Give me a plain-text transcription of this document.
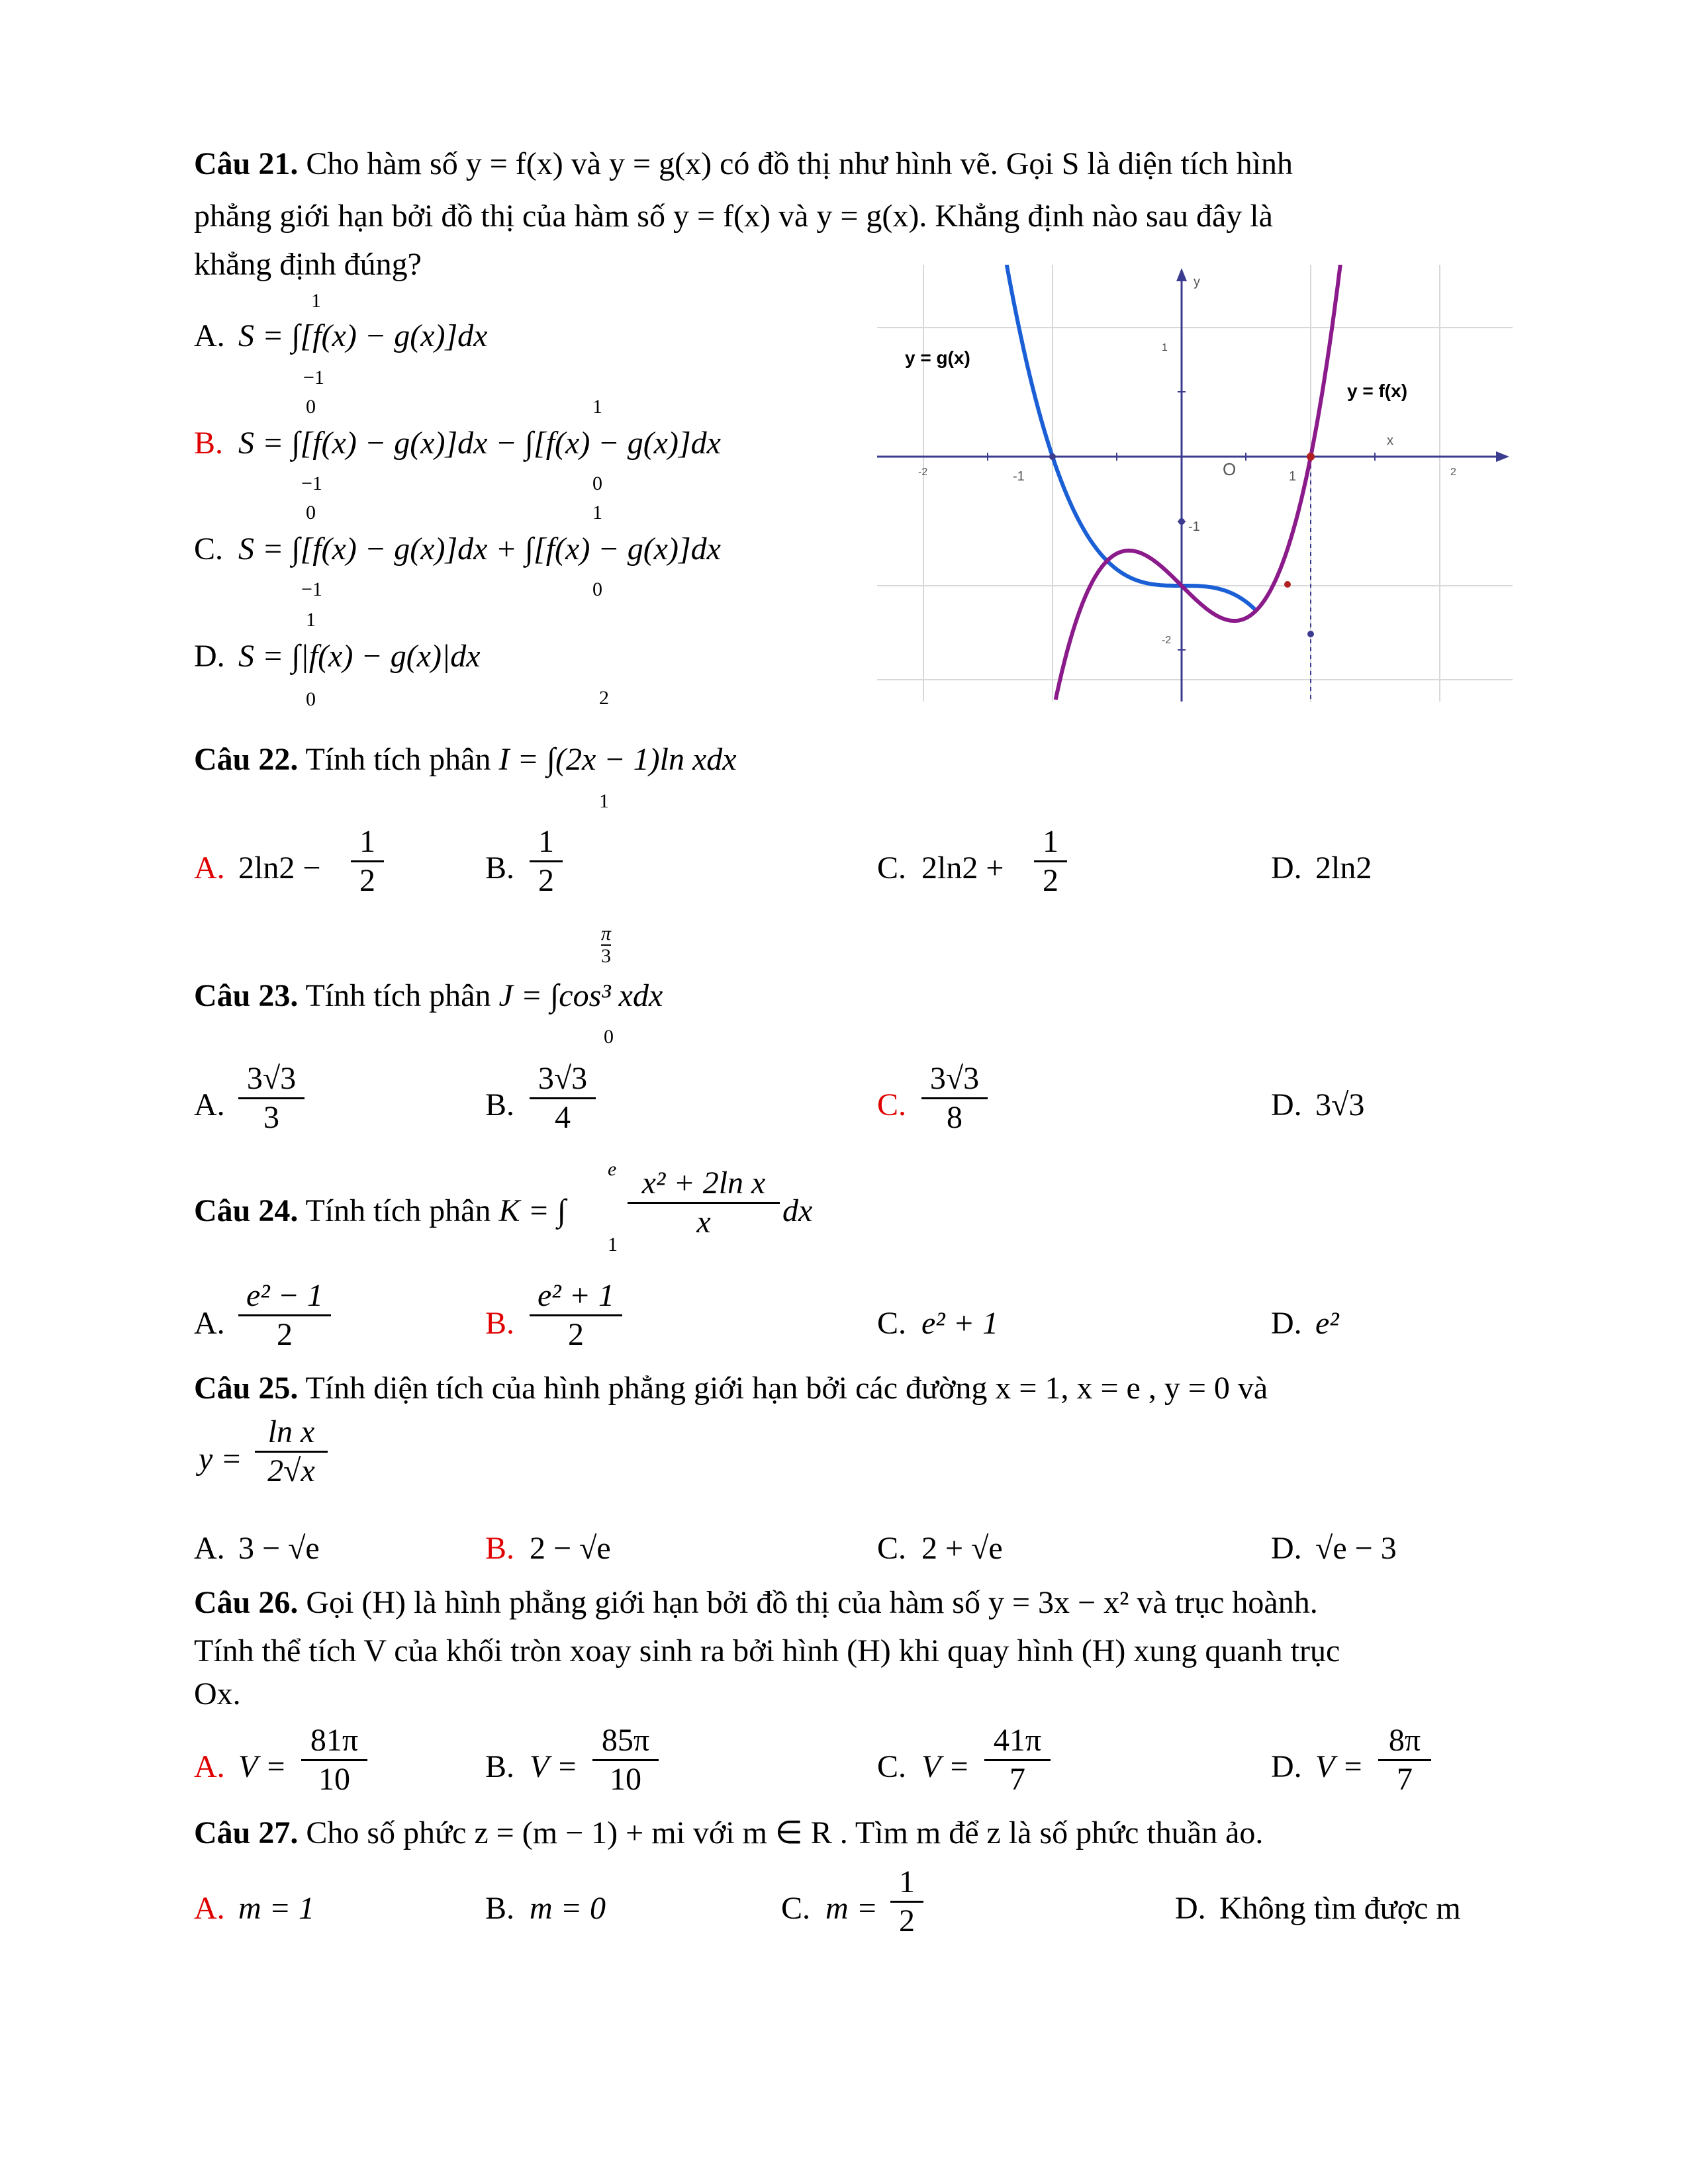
Câu 21. Cho hàm số y = f(x) và y = g(x) có đồ thị như hình vẽ. Gọi S là diện tích hình
phẳng giới hạn bởi đồ thị của hàm số y = f(x) và y = g(x). Khẳng định nào sau đây là
khẳng định đúng?
A.
1
S = ∫[f(x) − g(x)]dx
−1
B.
0	1
S = ∫[f(x) − g(x)]dx − ∫[f(x) − g(x)]dx
−1	0
C.
0	1
S = ∫[f(x) − g(x)]dx + ∫[f(x) − g(x)]dx
−1	0
D.
1
S = ∫|f(x) − g(x)|dx
0
y = g(x)
y = f(x)
x
y
O
-1	1
-2	2
1
-1
-2
2
Câu 22. Tính tích phân I = ∫(2x − 1)ln xdx
1
A. 2ln2 −
1
2	B.
1
2	C. 2ln2 +
1
2	D. 2ln2
$\frac{\pi}{3}$
Câu 23. Tính tích phân J = ∫cos³ xdx
0
A.
3√3
3	B.
3√3
4	C.
3√3
8	D. 3√3
e
Câu 24. Tính tích phân K = ∫
x² + 2ln x
x	dx
1
A.
e² − 1
2	B.
e² + 1
2	C. e² + 1	D. e²
Câu 25. Tính diện tích của hình phẳng giới hạn bởi các đường x = 1, x = e , y = 0 và
y =
ln x
2√x
A. 3 − √e	B. 2 − √e	C. 2 + √e	D. √e − 3
Câu 26. Gọi (H) là hình phẳng giới hạn bởi đồ thị của hàm số y = 3x − x² và trục hoành.
Tính thể tích V của khối tròn xoay sinh ra bởi hình (H) khi quay hình (H) xung quanh trục
Ox.
A. V =
81π
10	B. V =
85π
10	C. V =
41π
7	D. V =
8π
7
Câu 27. Cho số phức z = (m − 1) + mi với m ∈ R . Tìm m để z là số phức thuần ảo.
A. m = 1	B. m = 0	C. m =
1
2	D. Không tìm được m
